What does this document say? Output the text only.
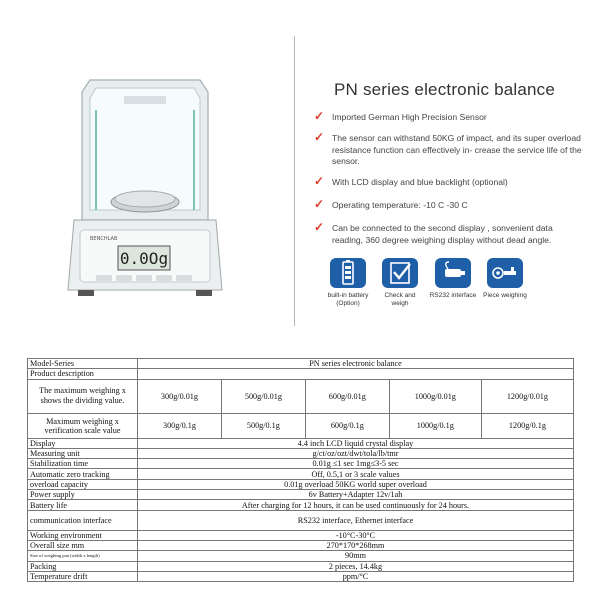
0.0Og
BENCHLAB
PN series electronic balance
✓ Imported German High Precision Sensor
✓ The sensor can withstand 50KG of impact, and its super overload resistance function can effectively in- crease the service life of the sensor.
✓ With LCD display and blue backlight (optional)
✓ Operating temperature: -10 C -30 C
✓ Can be connected to the second display , sonvenient data reading, 360 degree weighing display without dead angle.
built-in battery (Option)
Check and weigh
RS232 interface	Piece weighing
Model-Series	PN series electronic balance				
Product description					
The maximum weighing x shows the dividing value.	300g/0.01g	500g/0.01g	600g/0.01g	1000g/0.01g	1200g/0.01g
Maximum weighing x verification scale value	300g/0.1g	500g/0.1g	600g/0.1g	1000g/0.1g	1200g/0.1g
Display	4.4 inch LCD liquid crystal display				
Measuring unit	g/ct/oz/ozt/dwt/tola/lb/tmr				
Stabilization time	0.01g ≤1 sec 1mg≤3-5 sec				
Automatic zero tracking	Off, 0.5,1 or 3 scale values				
overload capacity	0.01g overload 50KG world super overload				
Power supply	6v Battery+Adapter 12v/1ah				
Battery life	After charging for 12 hours, it can be used continuously for 24 hours.				
communication interface	RS232 interface, Ethernet interface				
Working environment	-10°C-30°C				
Overall size mm	270*170*268mm				
Size of weighing pan (width x length)	90mm				
Packing	2 pieces, 14.4kg				
Temperature drift	ppm/°C				
